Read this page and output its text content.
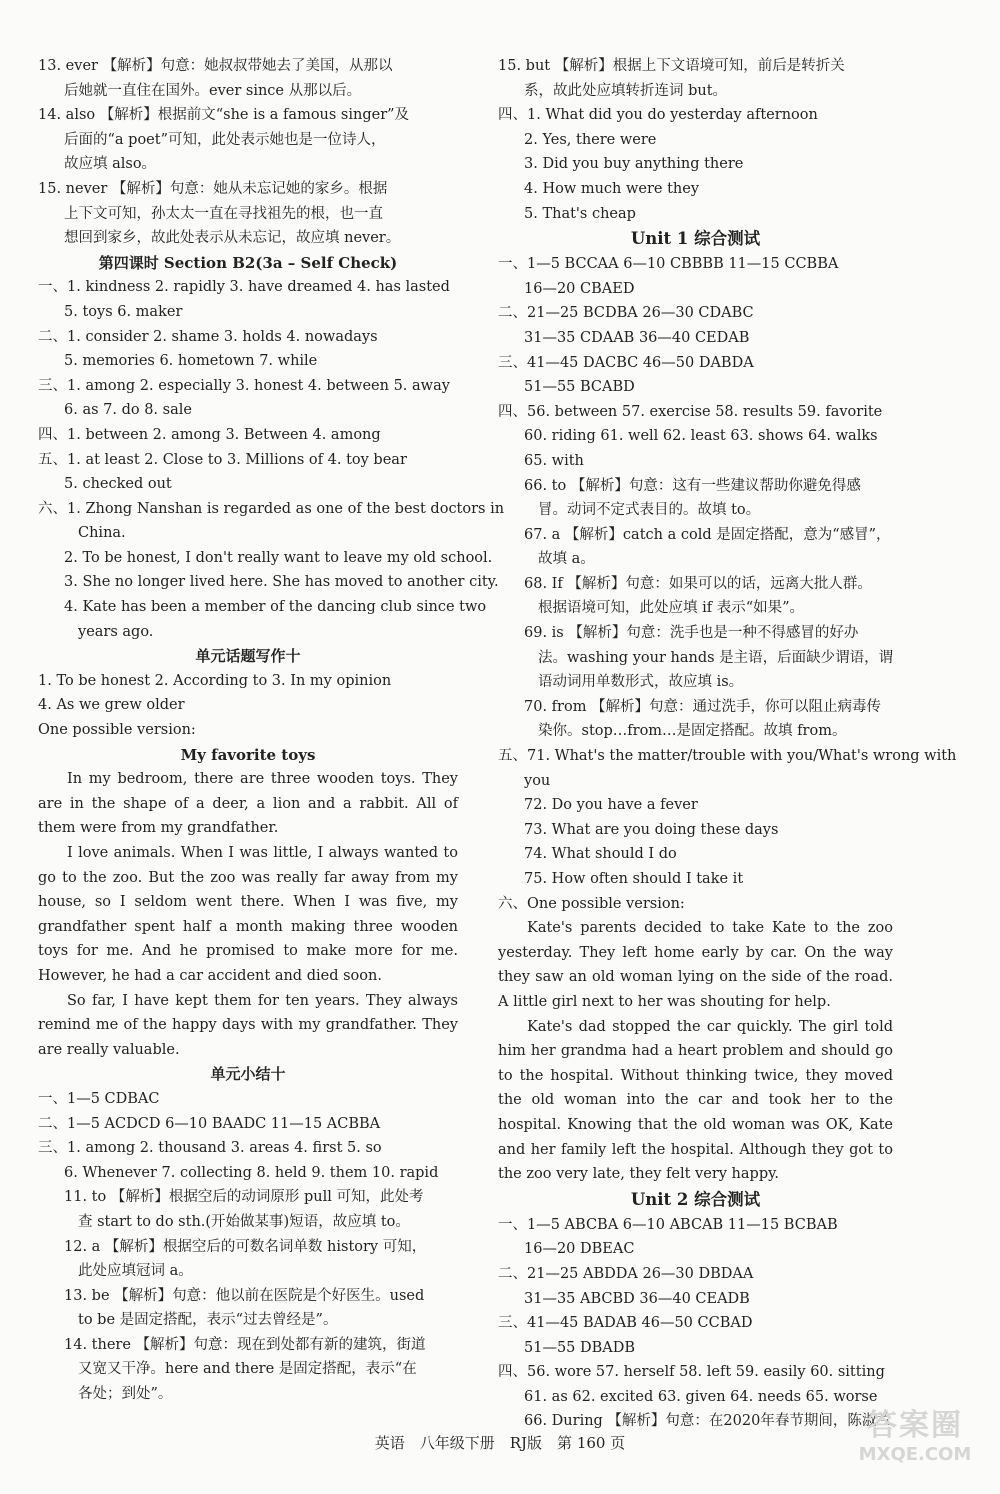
13. ever 【解析】句意：她叔叔带她去了美国，从那以
后她就一直住在国外。ever since 从那以后。
14. also 【解析】根据前文“she is a famous singer”及
后面的“a poet”可知，此处表示她也是一位诗人，
故应填 also。
15. never 【解析】句意：她从未忘记她的家乡。根据
上下文可知，孙太太一直在寻找祖先的根，也一直
想回到家乡，故此处表示从未忘记，故应填 never。
第四课时 Section B2(3a – Self Check)
一、1. kindness 2. rapidly 3. have dreamed 4. has lasted
5. toys 6. maker
二、1. consider 2. shame 3. holds 4. nowadays
5. memories 6. hometown 7. while
三、1. among 2. especially 3. honest 4. between 5. away
6. as 7. do 8. sale
四、1. between 2. among 3. Between 4. among
五、1. at least 2. Close to 3. Millions of 4. toy bear
5. checked out
六、1. Zhong Nanshan is regarded as one of the best doctors in
China.
2. To be honest, I don't really want to leave my old school.
3. She no longer lived here. She has moved to another city.
4. Kate has been a member of the dancing club since two
years ago.
单元话题写作十
1. To be honest 2. According to 3. In my opinion
4. As we grew older
One possible version:
My favorite toys
In my bedroom, there are three wooden toys. They are in the shape of a deer, a lion and a rabbit. All of them were from my grandfather.
I love animals. When I was little, I always wanted to go to the zoo. But the zoo was really far away from my house, so I seldom went there. When I was five, my grandfather spent half a month making three wooden toys for me. And he promised to make more for me. However, he had a car accident and died soon.
So far, I have kept them for ten years. They always remind me of the happy days with my grandfather. They are really valuable.
单元小结十
一、1—5 CDBAC
二、1—5 ACDCD 6—10 BAADC 11—15 ACBBA
三、1. among 2. thousand 3. areas 4. first 5. so
6. Whenever 7. collecting 8. held 9. them 10. rapid
11. to 【解析】根据空后的动词原形 pull 可知，此处考
查 start to do sth.(开始做某事)短语，故应填 to。
12. a 【解析】根据空后的可数名词单数 history 可知，
此处应填冠词 a。
13. be 【解析】句意：他以前在医院是个好医生。used
to be 是固定搭配，表示“过去曾经是”。
14. there 【解析】句意：现在到处都有新的建筑，街道
又宽又干净。here and there 是固定搭配，表示“在
各处；到处”。
15. but 【解析】根据上下文语境可知，前后是转折关
系，故此处应填转折连词 but。
四、1. What did you do yesterday afternoon
2. Yes, there were
3. Did you buy anything there
4. How much were they
5. That's cheap
Unit 1 综合测试
一、1—5 BCCAA 6—10 CBBBB 11—15 CCBBA
16—20 CBAED
二、21—25 BCDBA 26—30 CDABC
31—35 CDAAB 36—40 CEDAB
三、41—45 DACBC 46—50 DABDA
51—55 BCABD
四、56. between 57. exercise 58. results 59. favorite
60. riding 61. well 62. least 63. shows 64. walks
65. with
66. to 【解析】句意：这有一些建议帮助你避免得感
冒。动词不定式表目的。故填 to。
67. a 【解析】catch a cold 是固定搭配，意为“感冒”，
故填 a。
68. If 【解析】句意：如果可以的话，远离大批人群。
根据语境可知，此处应填 if 表示“如果”。
69. is 【解析】句意：洗手也是一种不得感冒的好办
法。washing your hands 是主语，后面缺少谓语，谓
语动词用单数形式，故应填 is。
70. from 【解析】句意：通过洗手，你可以阻止病毒传
染你。stop…from…是固定搭配。故填 from。
五、71. What's the matter/trouble with you/What's wrong with
you
72. Do you have a fever
73. What are you doing these days
74. What should I do
75. How often should I take it
六、One possible version:
Kate's parents decided to take Kate to the zoo yesterday. They left home early by car. On the way they saw an old woman lying on the side of the road. A little girl next to her was shouting for help.
Kate's dad stopped the car quickly. The girl told him her grandma had a heart problem and should go to the hospital. Without thinking twice, they moved the old woman into the car and took her to the hospital. Knowing that the old woman was OK, Kate and her family left the hospital. Although they got to the zoo very late, they felt very happy.
Unit 2 综合测试
一、1—5 ABCBA 6—10 ABCAB 11—15 BCBAB
16—20 DBEAC
二、21—25 ABDDA 26—30 DBDAA
31—35 ABCBD 36—40 CEADB
三、41—45 BADAB 46—50 CCBAD
51—55 DBADB
四、56. wore 57. herself 58. left 59. easily 60. sitting
61. as 62. excited 63. given 64. needs 65. worse
66. During 【解析】句意：在2020年春节期间，陈淑兰
英语　八年级下册　RJ版　第 160 页	答案圈
MXQE.COM
